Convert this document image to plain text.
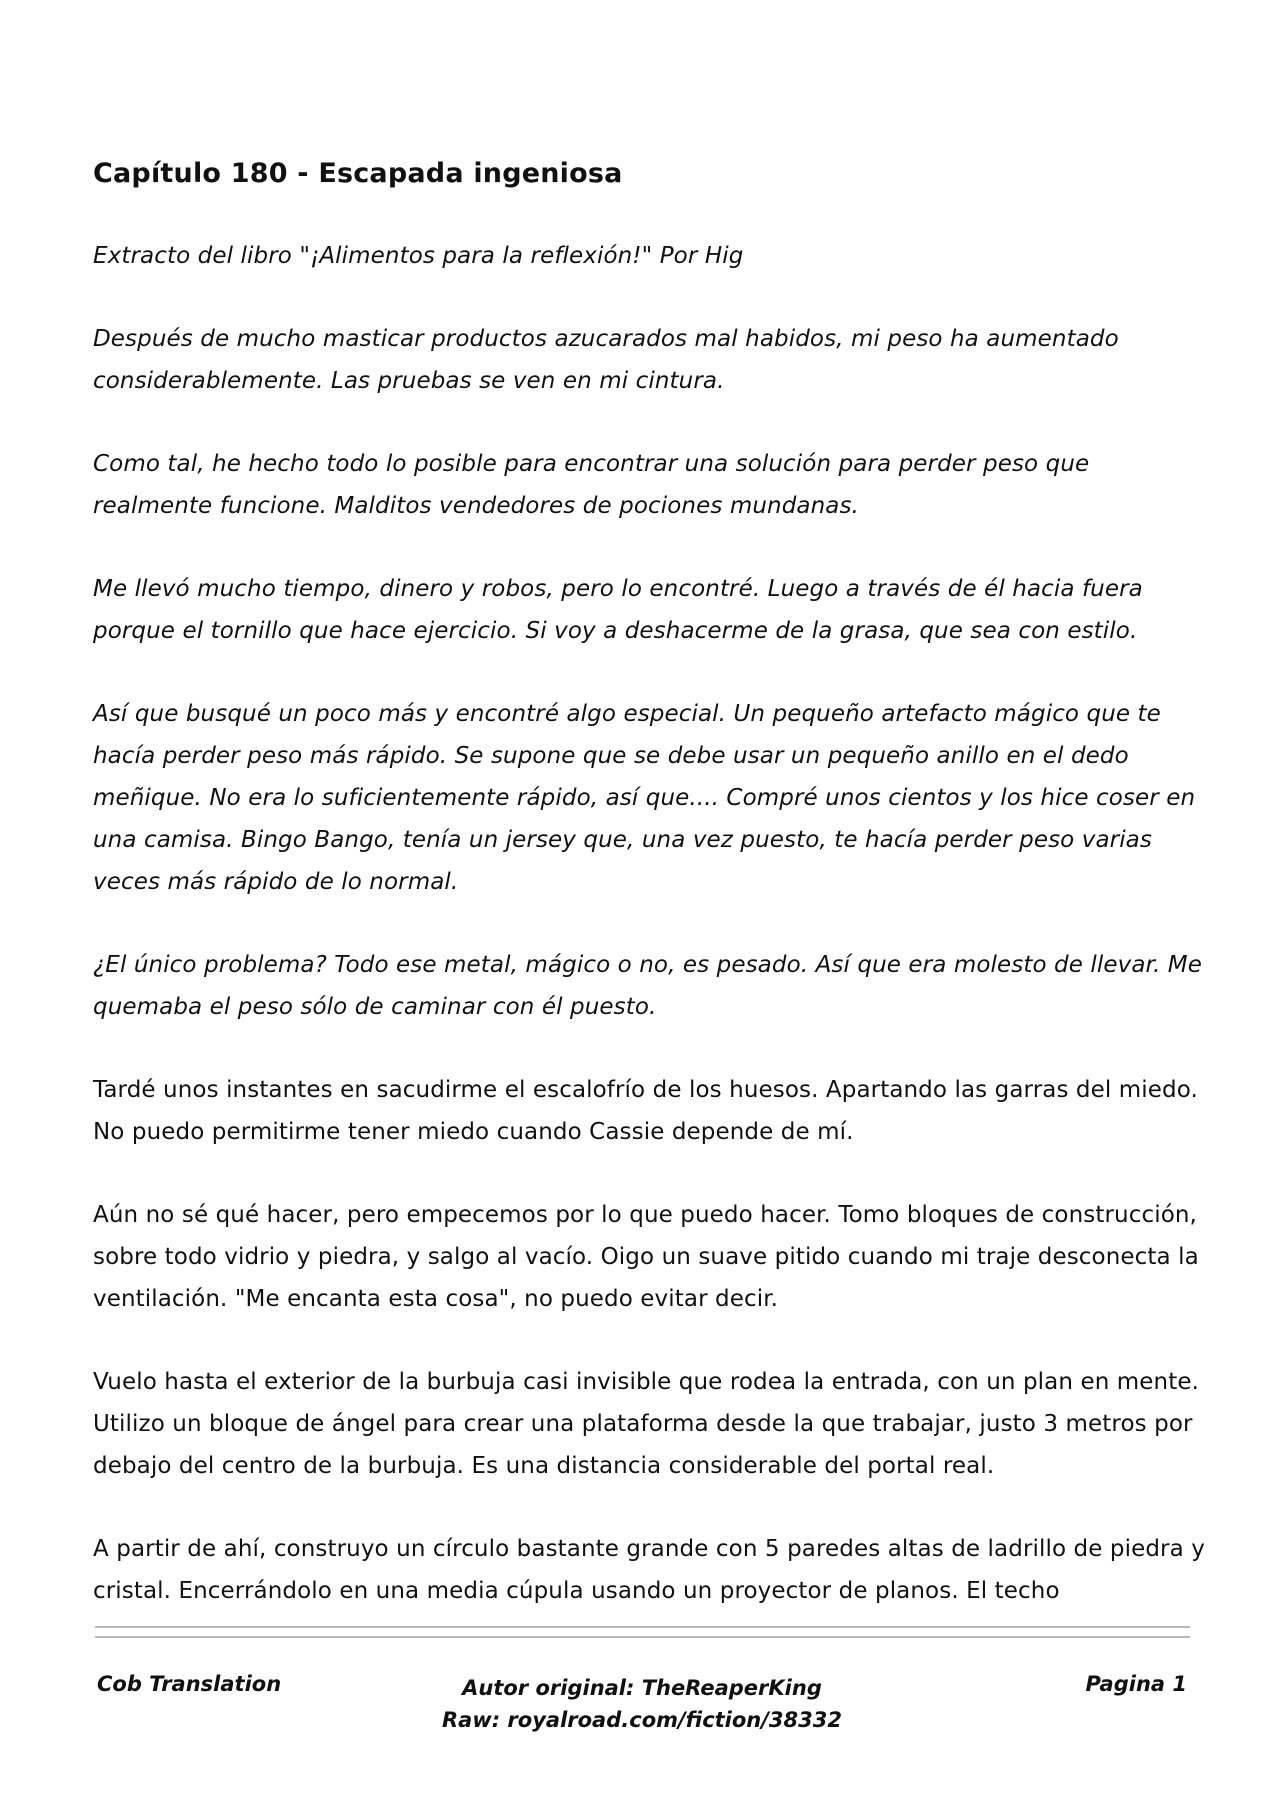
Capítulo 180 - Escapada ingeniosa

Extracto del libro "¡Alimentos para la reflexión!" Por Hig

Después de mucho masticar productos azucarados mal habidos, mi peso ha aumentado considerablemente. Las pruebas se ven en mi cintura.

Como tal, he hecho todo lo posible para encontrar una solución para perder peso que realmente funcione. Malditos vendedores de pociones mundanas.

Me llevó mucho tiempo, dinero y robos, pero lo encontré. Luego a través de él hacia fuera porque el tornillo que hace ejercicio. Si voy a deshacerme de la grasa, que sea con estilo.

Así que busqué un poco más y encontré algo especial. Un pequeño artefacto mágico que te hacía perder peso más rápido. Se supone que se debe usar un pequeño anillo en el dedo meñique. No era lo suficientemente rápido, así que.... Compré unos cientos y los hice coser en una camisa. Bingo Bango, tenía un jersey que, una vez puesto, te hacía perder peso varias veces más rápido de lo normal.

¿El único problema? Todo ese metal, mágico o no, es pesado. Así que era molesto de llevar. Me quemaba el peso sólo de caminar con él puesto.

Tardé unos instantes en sacudirme el escalofrío de los huesos. Apartando las garras del miedo. No puedo permitirme tener miedo cuando Cassie depende de mí.

Aún no sé qué hacer, pero empecemos por lo que puedo hacer. Tomo bloques de construcción, sobre todo vidrio y piedra, y salgo al vacío. Oigo un suave pitido cuando mi traje desconecta la ventilación. "Me encanta esta cosa", no puedo evitar decir.

Vuelo hasta el exterior de la burbuja casi invisible que rodea la entrada, con un plan en mente. Utilizo un bloque de ángel para crear una plataforma desde la que trabajar, justo 3 metros por debajo del centro de la burbuja. Es una distancia considerable del portal real.

A partir de ahí, construyo un círculo bastante grande con 5 paredes altas de ladrillo de piedra y cristal. Encerrándolo en una media cúpula usando un proyector de planos. El techo

Cob Translation	Autor original: TheReaperKing
Raw: royalroad.com/fiction/38332
Pagina 1
